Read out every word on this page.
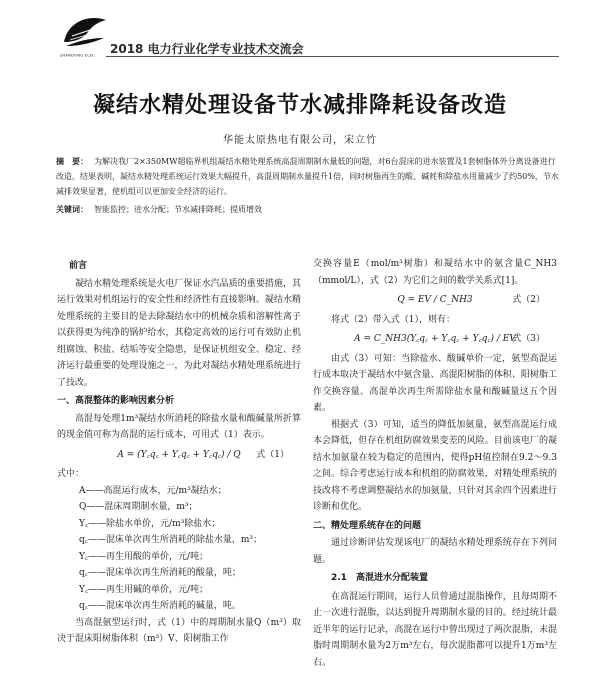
SHANDONG ELEC	2018 电力行业化学专业技术交流会
凝结水精处理设备节水减排降耗设备改造
华能太原热电有限公司，宋立竹
摘　要： 为解决我厂2×350MW超临界机组凝结水精处理系统高混周期制水量低的问题，对6台混床的进水装置及1套树脂体外分离设备进行改造。结果表明，凝结水精处理系统运行效果大幅提升，高混周期制水量提升1倍，同时树脂再生的酸、碱耗和除盐水用量减少了约50%，节水减排效果显著，使机组可以更加安全经济的运行。
关键词： 智能监控；进水分配；节水减排降耗；提质增效
前言

凝结水精处理系统是火电厂保证水汽品质的重要措施，其运行效果对机组运行的安全性和经济性有直接影响。凝结水精处理系统的主要目的是去除凝结水中的机械杂质和溶解性离子以获得更为纯净的锅炉给水，其稳定高效的运行可有效防止机组腐蚀、积盐、结垢等安全隐患，是保证机组安全、稳定、经济运行最重要的处理设施之一，为此对凝结水精处理系统进行了技改。

一、高混整体的影响因素分析

高混每处理1m³凝结水所消耗的除盐水量和酸碱量所折算的现金值可称为高混的运行成本，可用式（1）表示。

A = (Y꜀q꜀ + Y꜀q꜀ + Y꜀q꜀) / Q 式（1）

式中：

A——高混运行成本，元/m³凝结水；
Q——混床周期制水量，m³；
Y꜀——除盐水单价，元/m³除盐水；
q꜀——混床单次再生所消耗的除盐水量，m³；
Y꜀——再生用酸的单价，元/吨；
q꜀——混床单次再生所消耗的酸量，吨；
Y꜀——再生用碱的单价，元/吨；
q꜀——混床单次再生所消耗的碱量，吨。

当高混氨型运行时，式（1）中的周期制水量Q（m³）取决于混床阳树脂体积（m³）V、阳树脂工作

交换容量E（mol/m³树脂）和凝结水中的氨含量C_NH3（mmol/L），式（2）为它们之间的数学关系式[1]。

Q = EV / C_NH3	式（2）

将式（2）带入式（1），则有：

A = C_NH3(Y꜀q꜀ + Y꜀q꜀ + Y꜀q꜀) / EV
式（3）

由式（3）可知：当除盐水、酸碱单价一定，氨型高混运行成本取决于凝结水中氨含量、高混阳树脂的体积、阳树脂工作交换容量、高混单次再生所需除盐水量和酸碱量这五个因素。

根据式（3）可知，适当的降低加氨量，氨型高混运行成本会降低，但存在机组防腐效果变差的风险。目前该电厂的凝结水加氨量在较为稳定的范围内，使得pH值控制在9.2～9.3之间。综合考虑运行成本和机组的防腐效果，对精处理系统的技改将不考虑调整凝结水的加氨量，只针对其余四个因素进行诊断和优化。

二、精处理系统存在的问题

通过诊断评估发现该电厂的凝结水精处理系统存在下列问题。

2.1　高混进水分配装置

在高混运行期间，运行人员曾通过混脂操作，且每周期不止一次进行混脂，以达到提升周期制水量的目的。经过统计最近半年的运行记录，高混在运行中曾出现过了两次混脂，未混脂时周期制水量为2万m³左右，每次混脂都可以提升1万m³左右。
